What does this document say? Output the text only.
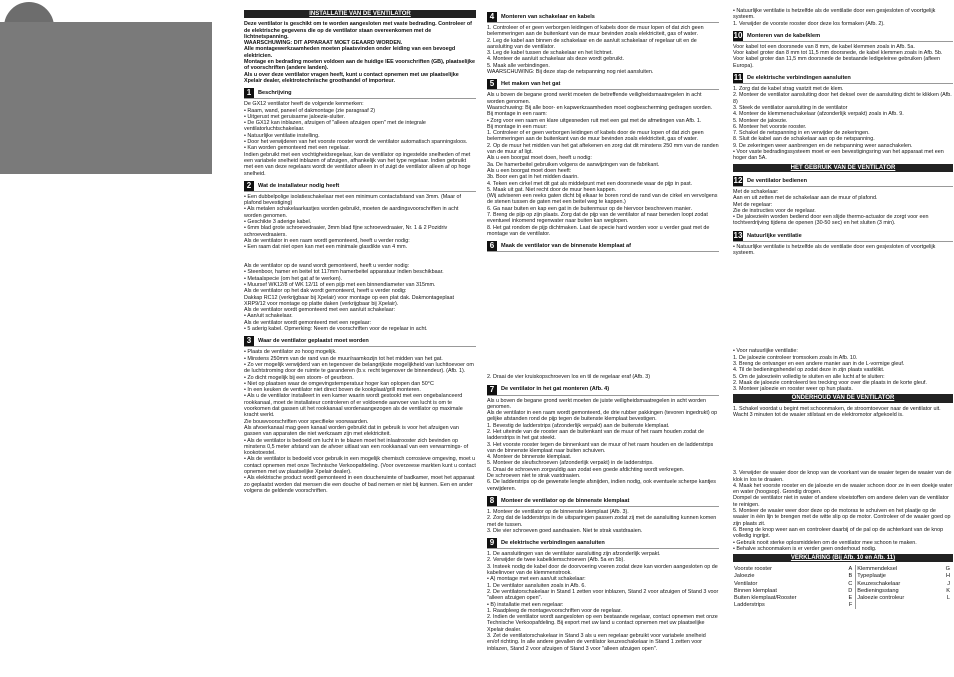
INSTALLATIE VAN DE VENTILATOR

Deze ventilator is geschikt om te worden aangesloten met vaste bedrading. Controleer of de elektrische gegevens die op de ventilator staan overeenkomen met de lichtnetspanning.
WAARSCHUWING: DIT APPARAAT MOET GEAARD WORDEN.
Alle montagewerkzaamheden moeten plaatsvinden onder leiding van een bevoegd elektricien.
Montage en bedrading moeten voldoen aan de huidige IEE voorschriften (GB), plaatselijke of voorschriften (andere landen).
Als u over deze ventilator vragen heeft, kunt u contact opnemen met uw plaatselijke Xpelair dealer, elektrotechnische groothandel of importeur.

1	Beschrijving

De GX12 ventilator heeft de volgende kenmerken:
• Raam, wand, paneel of dakmontage (zie paragraaf 2)
• Uitgerust met geruisarme jaloezie-sluiter.
• De GX12 kan inblazen, afzuigen of "alleen afzuigen open" met de integrale ventilatorluchtschakelaar.
• Natuurlijke ventilatie instelling.
• Door het verwijderen van het voorste rooster wordt de ventilator automatisch spanningsloos.
• Kan worden gemonteerd met een regelaar.
Indien gebruikt met een vochtigheidsregelaar, kan de ventilator op ingestelde snelheden of met een variabele snelheid inblazen of afzuigen, afhankelijk van het type regelaar. Indien gebruikt met een van deze regelaars wordt de ventilator alleen in of zuigt de ventilator alleen af op hoge snelheid.

2	Wat de installateur nodig heeft

• Een dubbelpolige isolatieschakelaar met een minimum contactafstand van 3mm. (Maar of plafond bevestiging)
• Als metalen schakelaarkastjes worden gebruikt, moeten de aardingsvoorschriften in acht worden genomen.
• Geschikte 3 aderige kabel.
• 6mm blad grote schroevedraaier, 3mm blad fijne schroevedraaier, Nr. 1 & 2 Pozidriv schroevedraaiers.
Als de ventilator in een raam wordt gemonteerd, heeft u verder nodig:
• Een raam dat niet open kan met een minimale glasdikte van 4 mm.

Als de ventilator op de wand wordt gemonteerd, heeft u verder nodig:
• Steenboor, hamer en beitel tot 117mm hamerbeitel apparatuur indien beschikbaar.
• Metaalspecie (om het gat af te werken).
• Muursef WK12/8 of WK 12/11 of een pijp met een binnendiameter van 315mm.
Als de ventilator op het dak wordt gemonteerd, heeft u verder nodig:
Dakkap RC12 (verkrijgbaar bij Xpelair) voor montage op een plat dak. Dakmontageplaat XRP9/12 voor montage op platte daken (verkrijgbaar bij Xpelair).
Als de ventilator wordt gemonteerd met een aan/uit schakelaar:
• Aan/uit schakelaar.
Als de ventilator wordt gemonteerd met een regelaar:
• 5 aderig kabel. Opmerking: Neem de voorschriften voor de regelaar in acht.

3	Waar de ventilator geplaatst moet worden

• Plaats de ventilator zo hoog mogelijk.
• Minstens 250mm van de rand van de muur/raamkozijn tot het midden van het gat.
• Zo ver mogelijk verwijderd van en tegenover de belangrijkste mogelijkheid van luchttoevoer om de luchtstroming door de ruimte te garanderen (b.v. recht tegenover de binnendeur). (Afb. 1).
• Zo dicht mogelijk bij een stoom- of geurbron.
• Niet op plaatsen waar de omgevingstemperatuur hoger kan oplopen dan 50°C
• In een keuken de ventilator niet direct boven de kookplaat/grill monteren.
• Als u de ventilator installeert in een kamer waarin wordt gestookt met een ongebalanceerd rookkanaal, moet de installateur controleren of er voldoende aanvoer van lucht is om te voorkomen dat gassen uit het rookkanaal wordenaangezogen als de ventilator op maximale kracht werkt.
Zie bouwvoorschriften voor specifieke voorwaarden.
Als afvoerkanaal mag geen kanaal worden gebruikt dat in gebruik is voor het afzuigen van gassen van apparaten die niet werkzaam zijn met elektriciteit.
• Als de ventilator is bedoeld om lucht in te blazen moet het inlaatrooster zich bevinden op minstens 0,5 meter afstand van de afvoer uitlaat van een rookkanaal van een verwarmings- of kookotoestel.
• Als de ventilator is bedoeld voor gebruik in een mogelijk chemisch corrosieve omgeving, moet u contact opnemen met onze Technische Verkoopafdeling. (Voor overzeese markten kunt u contact opnemen met uw plaatselijke Xpelair dealer).
• Als elektrische product wordt gemonteerd in een doucheruimte of badkamer, moet het apparaat zo geplaatst worden dat mensen die een douche of bad nemen er niet bij kunnen. Een en ander volgens de geldende voorschriften.

4	Monteren van schakelaar en kabels

1. Controleer of er geen verborgen leidingen of kabels door de muur lopen of dat zich geen belemmeringen aan de buitenkant van de muur bevinden zoals elektriciteit, gas of water.
2. Leg de kabel aan binnen de schakelaar en de aan/uit schakelaar of regelaar uit en de aansluiting van de ventilator.
3. Leg de kabel tussen de schakelaar en het lichtnet.
4. Monteer de aan/uit schakelaar als deze wordt gebruikt.
5. Maak alle verbindingen.
WAARSCHUWING: Bij deze stap de netspanning nog niet aansluiten.

5	Het maken van het gat

Als u boven de begane grond werkt moeten de betreffende veiligheidsmaatregelen in acht worden genomen.
Waarschuwing: Bij alle boor- en kapwerkzaamheden moet oogbescherming gedragen worden.
Bij montage in een raam:
• Zorg voor een raam en klare uitgesneden ruit met een gat met de afmetingen van Afb. 1.
Bij montage in een muur:
1. Controleer of er geen verborgen leidingen of kabels door de muur lopen of dat zich geen belemmeringen aan de buitenkant van de muur bevinden zoals elektriciteit, gas of water.
2. Op de muur het midden van het gat aftekenen en zorg dat dit minstens 250 mm van de randen van de muur af ligt.
Als u een boorgat moet doen, heeft u nodig:
3a. De hamerbeitel gebruiken volgens de aanwijzingen van de fabrikant.
Als u een boorgat moet doen heeft:
3b. Boor een gat in het midden daarin.
4. Teken een cirkel met dit gat als middelpunt met een doorsnede waar de pijp in past.
5. Maak uit gat. Niet recht door de muur heen kappen.
(Wij adviseren een reeks gaten dicht bij elkaar te boren rond de rand van de cirkel en vervolgens de stenen tussen de gaten met een beitel weg te kappen.)
6. Ga naar buiten en kap een gat in de buitenmuur op de hiervoor beschreven manier.
7. Breng de pijp op zijn plaats. Zorg dat de pijp van de ventilator af naar beneden loopt zodat eventueel inkomend regenwater naar buiten kan weglopen.
8. Het gat rondom de pijp dichtmaken. Laat de specie hard worden voor u verder gaat met de montage van de ventilator.

6	Maak de ventilator van de binnenste klemplaat af

2. Draai de vier kruiskopschroeven los en til de regelaar eraf (Afb. 3)

7	De ventilator in het gat monteren (Afb. 4)

Als u boven de begane grond werkt moeten de juiste veiligheidsmaatregelen in acht worden genomen.
Als de ventilator in een raam wordt gemonteerd, de drie rubber pakkingen (tevoren ingedrukt) op gelijke afstanden rond de pijp tegen de buitenste klemplaat bevestigen.
1. Bevestig de ladderstrips (afzonderlijk verpakt) aan de buitenste klemplaat.
2. Het uiteinde van de rooster aan de buitenkant van de muur of het raam houden zodat de ladderstrips in het gat steekt.
3. Het voorste rooster tegen de binnenkant van de muur of het raam houden en de ladderstrips van de binnenste klemplaat naar buiten schuiven.
4. Monteer de binnenste klemplaat.
5. Monteer de sleufschroeven (afzonderlijk verpakt) in de ladderstrips.
6. Draai de schroeven zorgvuldig aan zodat een goede afdichting wordt verkregen.
De schroeven niet te strak vastdraaien.
6. De ladderstrips op de gewenste lengte afsnijden, indien nodig, ook eventuele scherpe kantjes verwijderen.

8	Monteer de ventilator op de binnenste klemplaat

1. Monteer de ventilator op de binnenste klemplaat (Afb. 3).
2. Zorg dat de ladderstrips in de uitsparingen passen zodat zij met de aansluiting kunnen komen met de tussen.
3. Die vier schroeven goed aandraaien. Niet te strak vastdraaien.

9	De elektrische verbindingen aansluiten

1. De aansluitingen van de ventilator aansluiting zijn afzonderlijk verpakt.
2. Verwijder de twee kabelklemschroeven (Afb. 5a en 5b).
3. Insteek nodig de kabel door de doorvoering voeren zodat deze kan worden aangesloten op de kabelinvoer van de klemmenstrook.
• A) montage met een aan/uit schakelaar:
1. De ventilator aansluiten zoals in Afb. 6.
2. De ventilatorschakelaar in Stand 1 zetten voor inblazen, Stand 2 voor afzuigen of Stand 3 voor "alleen afzuigen open".
• B) installatie met een regelaar:
1. Raadpleeg de montagevoorschriften voor de regelaar.
2. Indien de ventilator wordt aangesloten op een bestaande regelaar, contact opnemen met onze Technische Verkoopafdeling. Bij export met uw land u contact opnemen met uw plaatselijke Xpelair dealer.
3. Zet de ventilatorschakelaar in Stand 3 als u een regelaar gebruikt voor variabele snelheid en/of richting. In alle andere gevallen de ventilator keuzeschakelaar in Stand 1 zetten voor inblazen, Stand 2 voor afzuigen of Stand 3 voor "alleen afzuigen open".

• Natuurlijke ventilatie is hetzelfde als de ventilatie door een gesjesloten of voortgelijk systeem.
1. Verwijder de voorste rooster door deze los formaken (Afb. 2).

10 Monteren van de kabelklem

Voor kabel tot een doorsnede van 8 mm, de kabel klemmen zoals in Afb. 5a.
Voor kabel groter dan 8 mm tot 11,5 mm doorsnede, de kabel klemmen zoals in Afb. 5b.
Voor kabel groter dan 11,5 mm doorsnede de bestaande ledigeleiree gebruiken (afleen Europa).

11 De elektrische verbindingen aansluiten

1. Zorg dat de kabel strag vastzit met de klem.
2. Monteer de ventilator aansluiting door het deksel over de aansluiting dicht te klikken (Afb. 8)
3. Steek de ventilator aansluiting in de ventilator
4. Monteer de klemmenschakelaar (afzonderlijk verpakt) zoals in Afb. 9.
5. Monteer de jaloezie.
6. Monteer het voorste rooster.
7. Schakel de netspanning in en verwijder de zekeringen.
8. Sluit de kabel aan de schakelaar aan op de netspanning.
9. De zekeringen weer aanbrengen en de netspanning weer aanschakelen.
• Voor vaste bedradingssysteem moet er een bevestigingsring van het apparaat met een hoger dan 5A.

HET GEBRUIK VAN DE VENTILATOR
12 De ventilator bedienen

Met de schakelaar:
Aan en uit zetten met de schakelaar aan de muur of plafond.
Met de regelaar:
Zie de instructies voor de regelaar.
• De jaloezieën worden bediend door een slijde thermo-actuator de zorgt voor een tochtverdrijving tijdens de openen (30-50 sec) en het sluiten (3 min).

13 Natuurlijke ventilatie

• Natuurlijke ventilatie is hetzelfde als de ventilatie door een gesjesloten of voortgelijk systeem.

• Voor natuurlijke ventilatie:
1. De jaloezie controleer tromsoken zoals in Afb. 10.
3. Breng de ontvanger en een andere manier aan in de L-vormige gleuf.
4. Til de bedieningshendel op zodat deze in zijn plaats vastklikt.
5. Om de jaloezieën volledig te sluiten en alle lucht af te sluiten:
2. Maak de jaloezie controleerd tes trecking voor over die plaats in de korte gleuf.
3. Monteer jaloezie en rooster weer op hun plaats.

ONDERHOUD VAN DE VENTILATOR

1. Schakel voordat u begint met schoonmaken, de stroomtoevoer naar de ventilator uit. Wacht 3 minuten tot de waaier stilstaat en de elektromotor afgekoeld is.

3. Verwijder de waaier door de knop van de voorkant van de waaier tegen de waaier van de klok in los te draaien.
4. Maak het voorste rooster en de jaloezie en de waaier schoon door ze in een doekje water en water (hoogsop). Grondig drogen.
Dompel de ventilator niet in water of andere vloeistoffen om andere delen van de ventilator te reinigen.
5. Monteer de waaier weer door deze op de motoras te schuiven en het plaatje op de waaier in één lijn te brengen met de witte slip op de motor. Controleer of de waaier goed op zijn plaats zit.
6. Breng de knop weer aan en controleer daarbij of de pal op de achterkant van de knop volledig ingrijpt.
• Gebruik nooit sterke oplosmiddelen om de ventilator mee schoon te maken.
• Behalve schoonmaken is er verder geen onderhoud nodig.

VERKLARING (Bij Afb. 10 en Afb. 11)
Voorste rooster	A	Klemmendeksel	G
Jaloezie	B	Typeplaatje	H
Ventilator	C	Keuzeschakelaar	J
Binnen klemplaat	D	Bedieningsstang	K
Buiten klemplaat/Rooster	E	Jaloezie controleur	L
Ladderstrips	F		
